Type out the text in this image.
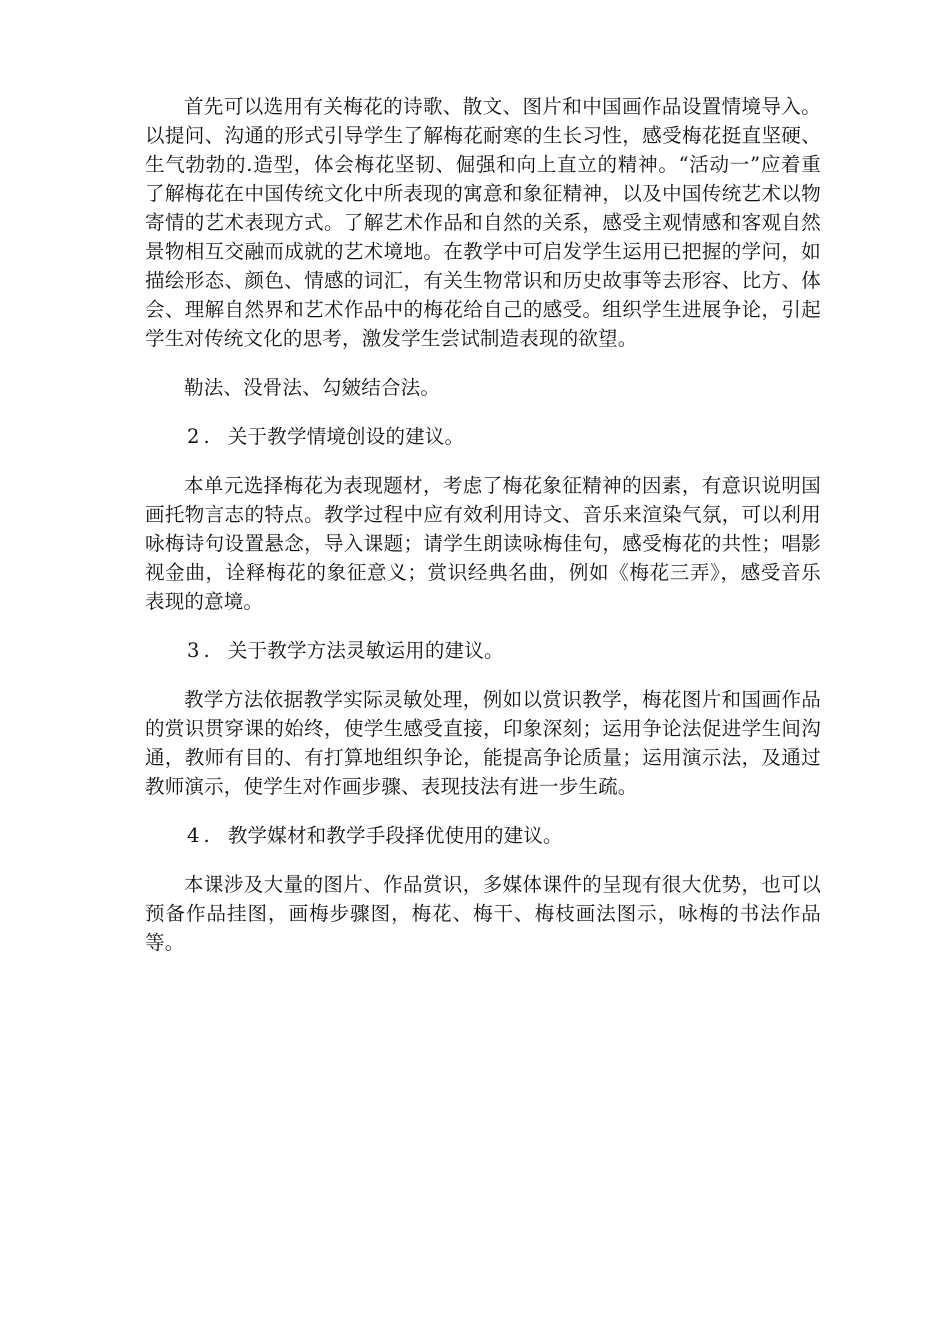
首先可以选用有关梅花的诗歌、散文、图片和中国画作品设置情境导入。以提问、沟通的形式引导学生了解梅花耐寒的生长习性，感受梅花挺直坚硬、生气勃勃的.造型，体会梅花坚韧、倔强和向上直立的精神。“活动一”应着重了解梅花在中国传统文化中所表现的寓意和象征精神，以及中国传统艺术以物寄情的艺术表现方式。了解艺术作品和自然的关系，感受主观情感和客观自然景物相互交融而成就的艺术境地。在教学中可启发学生运用已把握的学问，如描绘形态、颜色、情感的词汇，有关生物常识和历史故事等去形容、比方、体会、理解自然界和艺术作品中的梅花给自己的感受。组织学生进展争论，引起学生对传统文化的思考，激发学生尝试制造表现的欲望。

勒法、没骨法、勾皴结合法。

2 . 关于教学情境创设的建议。

本单元选择梅花为表现题材，考虑了梅花象征精神的因素，有意识说明国画托物言志的特点。教学过程中应有效利用诗文、音乐来渲染气氛，可以利用咏梅诗句设置悬念，导入课题；请学生朗读咏梅佳句，感受梅花的共性；唱影视金曲，诠释梅花的象征意义；赏识经典名曲，例如《梅花三弄》，感受音乐表现的意境。

3 . 关于教学方法灵敏运用的建议。

教学方法依据教学实际灵敏处理，例如以赏识教学，梅花图片和国画作品的赏识贯穿课的始终，使学生感受直接，印象深刻；运用争论法促进学生间沟通，教师有目的、有打算地组织争论，能提高争论质量；运用演示法，及通过教师演示，使学生对作画步骤、表现技法有进一步生疏。

4 . 教学媒材和教学手段择优使用的建议。

本课涉及大量的图片、作品赏识，多媒体课件的呈现有很大优势，也可以预备作品挂图，画梅步骤图，梅花、梅干、梅枝画法图示，咏梅的书法作品等。
